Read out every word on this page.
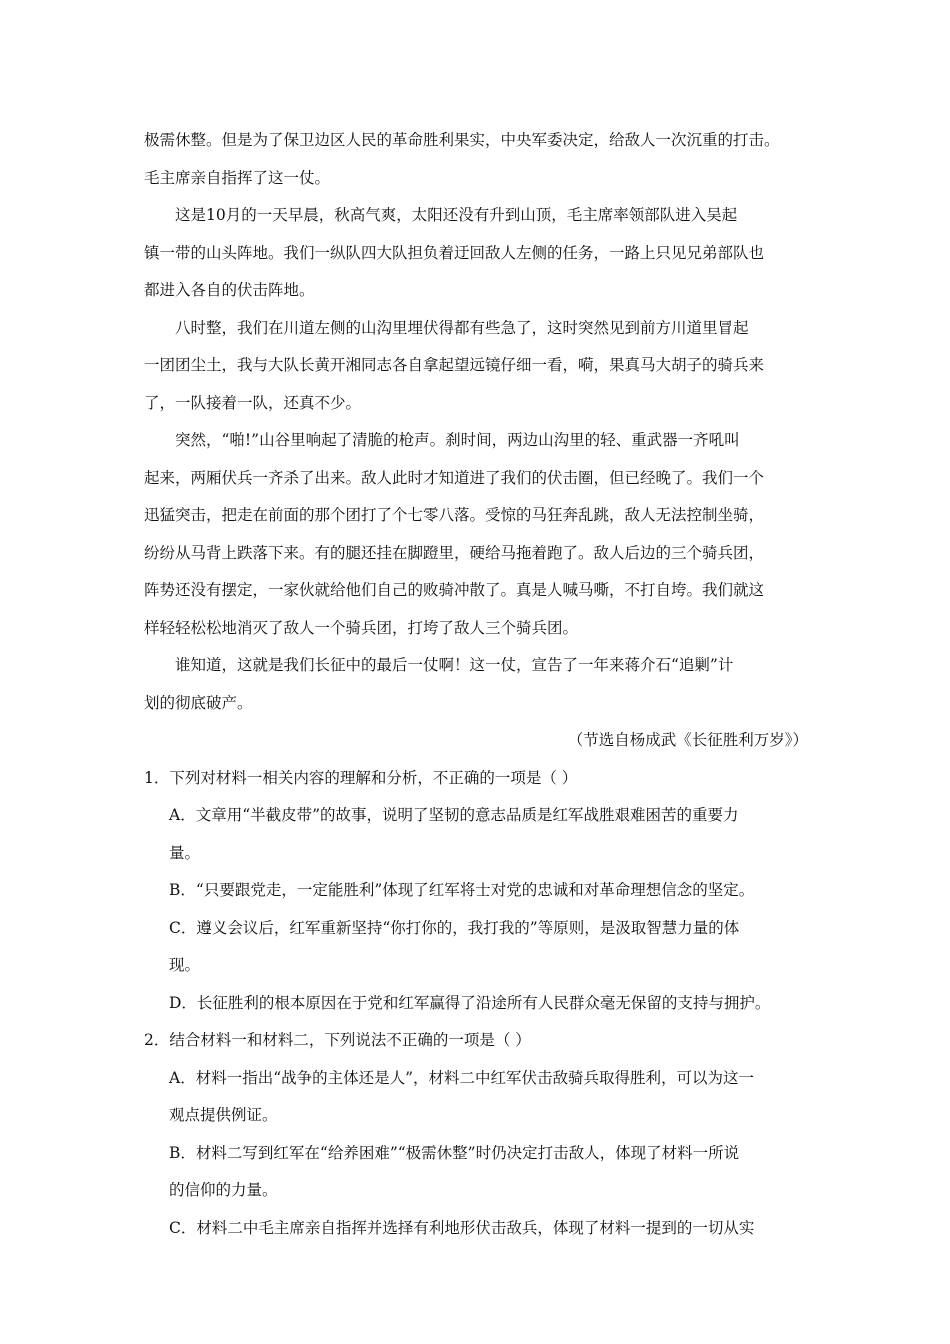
极需休整。但是为了保卫边区人民的革命胜利果实，中央军委决定，给敌人一次沉重的打击。
毛主席亲自指挥了这一仗。
这是10月的一天早晨，秋高气爽，太阳还没有升到山顶，毛主席率领部队进入吴起
镇一带的山头阵地。我们一纵队四大队担负着迂回敌人左侧的任务，一路上只见兄弟部队也
都进入各自的伏击阵地。
八时整，我们在川道左侧的山沟里埋伏得都有些急了，这时突然见到前方川道里冒起
一团团尘土，我与大队长黄开湘同志各自拿起望远镜仔细一看，嗬，果真马大胡子的骑兵来
了，一队接着一队，还真不少。
突然，“啪!”山谷里响起了清脆的枪声。刹时间，两边山沟里的轻、重武器一齐吼叫
起来，两厢伏兵一齐杀了出来。敌人此时才知道进了我们的伏击圈，但已经晚了。我们一个
迅猛突击，把走在前面的那个团打了个七零八落。受惊的马狂奔乱跳，敌人无法控制坐骑，
纷纷从马背上跌落下来。有的腿还挂在脚蹬里，硬给马拖着跑了。敌人后边的三个骑兵团，
阵势还没有摆定，一家伙就给他们自己的败骑冲散了。真是人喊马嘶，不打自垮。我们就这
样轻轻松松地消灭了敌人一个骑兵团，打垮了敌人三个骑兵团。
谁知道，这就是我们长征中的最后一仗啊！这一仗，宣告了一年来蒋介石“追剿”计
划的彻底破产。
（节选自杨成武《长征胜利万岁》）
1．下列对材料一相关内容的理解和分析，不正确的一项是（ ）
A．文章用“半截皮带”的故事，说明了坚韧的意志品质是红军战胜艰难困苦的重要力
量。
B．“只要跟党走，一定能胜利”体现了红军将士对党的忠诚和对革命理想信念的坚定。
C．遵义会议后，红军重新坚持“你打你的，我打我的”等原则，是汲取智慧力量的体
现。
D．长征胜利的根本原因在于党和红军赢得了沿途所有人民群众毫无保留的支持与拥护。
2．结合材料一和材料二，下列说法不正确的一项是（ ）
A．材料一指出“战争的主体还是人”，材料二中红军伏击敌骑兵取得胜利，可以为这一
观点提供例证。
B．材料二写到红军在“给养困难”“极需休整”时仍决定打击敌人，体现了材料一所说
的信仰的力量。
C．材料二中毛主席亲自指挥并选择有利地形伏击敌兵，体现了材料一提到的一切从实
